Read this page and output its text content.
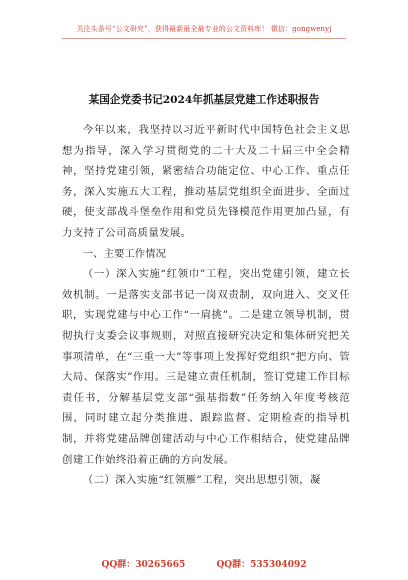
关注头条号“公文研究”，获得最新最全最专业的公文资料库！ 微信：gongwenyj
某国企党委书记2024年抓基层党建工作述职报告

今年以来，我坚持以习近平新时代中国特色社会主义思想为指导，深入学习贯彻党的二十大及二十届三中全会精神，坚持党建引领，紧密结合功能定位、中心工作、重点任务，深入实施五大工程，推动基层党组织全面进步、全面过硬，使支部战斗堡垒作用和党员先锋模范作用更加凸显，有力支持了公司高质量发展。

一、主要工作情况

（一）深入实施“红领巾”工程，突出党建引领，建立长效机制。一是落实支部书记一岗双责制，双向进入、交叉任职，实现党建与中心工作“一肩挑”。二是建立领导机制，贯彻执行支委会议事规则，对照直接研究决定和集体研究把关事项清单，在“三重一大”等事项上发挥好党组织“把方向、管大局、保落实”作用。三是建立责任机制，签订党建工作目标责任书，分解基层党支部“强基指数”任务纳入年度考核范围，同时建立起分类推进、跟踪监督、定期检查的指导机制，并将党建品牌创建活动与中心工作相结合，使党建品牌创建工作始终沿着正确的方向发展。

（二）深入实施“红领雁”工程，突出思想引领，凝

QQ群：30265665	QQ群：535304092
